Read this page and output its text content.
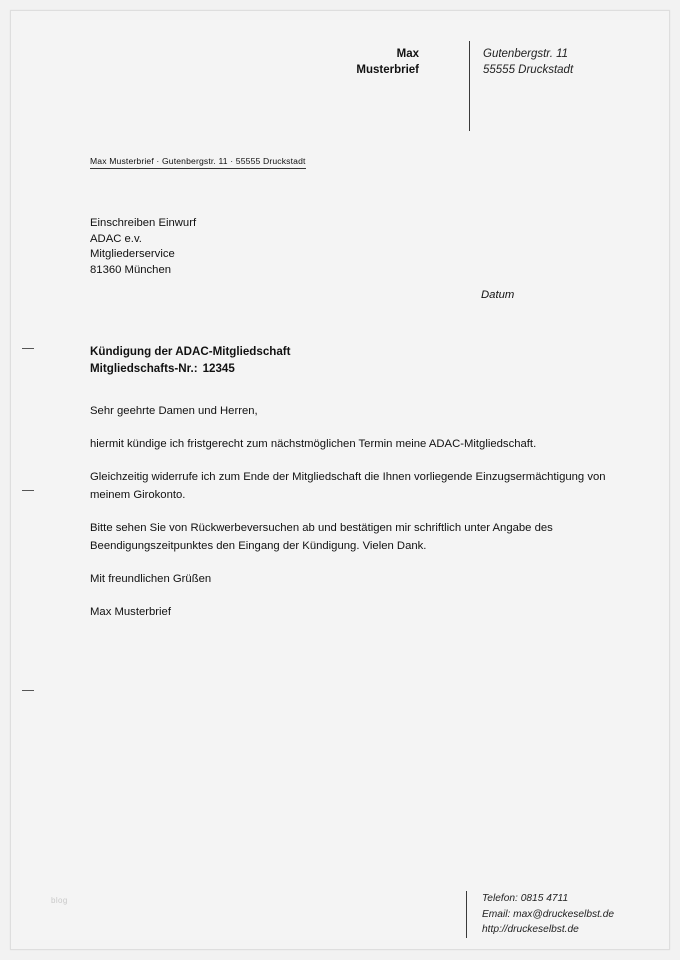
Max
Musterbrief
Gutenbergstr. 11
55555 Druckstadt
Max Musterbrief · Gutenbergstr. 11 · 55555 Druckstadt
Einschreiben Einwurf
ADAC e.v.
Mitgliederservice
81360 München
Datum
Kündigung der ADAC-Mitgliedschaft
Mitgliedschafts-Nr.: 12345

Sehr geehrte Damen und Herren,

hiermit kündige ich fristgerecht zum nächstmöglichen Termin meine ADAC-Mitgliedschaft.

Gleichzeitig widerrufe ich zum Ende der Mitgliedschaft die Ihnen vorliegende Einzugsermächtigung von meinem Girokonto.

Bitte sehen Sie von Rückwerbeversuchen ab und bestätigen mir schriftlich unter Angabe des Beendigungszeitpunktes den Eingang der Kündigung. Vielen Dank.

Mit freundlichen Grüßen

Max Musterbrief

Telefon: 0815 4711
Email: max@druckeselbst.de
http://druckeselbst.de
blog
